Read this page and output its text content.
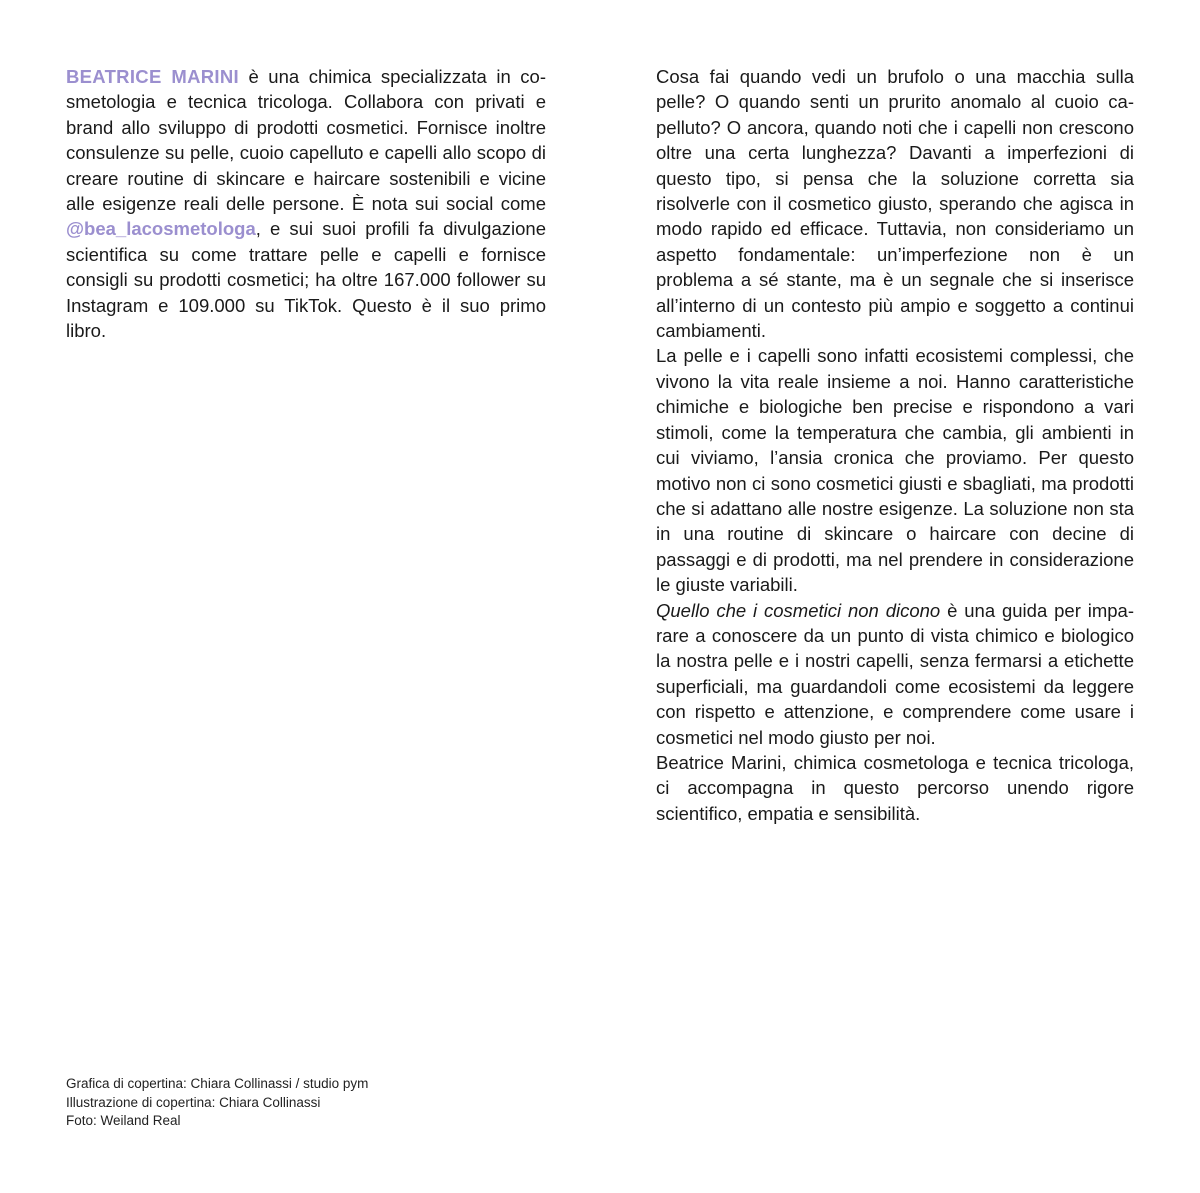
BEATRICE MARINI è una chimica specializzata in cosmetologia e tecnica tricologa. Collabora con privati e brand allo sviluppo di prodotti cosmetici. Fornisce inoltre consulenze su pelle, cuoio capelluto e capelli allo scopo di creare routine di skincare e haircare sostenibili e vicine alle esigenze reali delle persone. È nota sui social come @bea_lacosmetologa, e sui suoi profili fa divulgazione scientifica su come trattare pelle e capelli e fornisce consigli su prodotti cosmetici; ha oltre 167.000 follower su Instagram e 109.000 su TikTok. Questo è il suo primo libro.

Cosa fai quando vedi un brufolo o una macchia sulla pelle? O quando senti un prurito anomalo al cuoio capelluto? O ancora, quando noti che i capelli non crescono oltre una certa lunghezza? Davanti a imperfezioni di questo tipo, si pensa che la soluzione corretta sia risolverle con il cosmetico giusto, sperando che agisca in modo rapido ed efficace. Tuttavia, non consideriamo un aspetto fondamentale: un’imperfezione non è un problema a sé stante, ma è un segnale che si inserisce all’interno di un contesto più ampio e soggetto a continui cambiamenti.

La pelle e i capelli sono infatti ecosistemi complessi, che vivono la vita reale insieme a noi. Hanno caratteristiche chimiche e biologiche ben precise e rispondono a vari stimoli, come la temperatura che cambia, gli ambienti in cui viviamo, l’ansia cronica che proviamo. Per questo motivo non ci sono cosmetici giusti e sbagliati, ma prodotti che si adattano alle nostre esigenze. La soluzione non sta in una routine di skincare o haircare con decine di passaggi e di prodotti, ma nel prendere in considerazione le giuste variabili.

Quello che i cosmetici non dicono è una guida per imparare a conoscere da un punto di vista chimico e biologico la nostra pelle e i nostri capelli, senza fermarsi a etichette superficiali, ma guardandoli come ecosistemi da leggere con rispetto e attenzione, e comprendere come usare i cosmetici nel modo giusto per noi.

Beatrice Marini, chimica cosmetologa e tecnica tricologa, ci accompagna in questo percorso unendo rigore scientifico, empatia e sensibilità.

Grafica di copertina: Chiara Collinassi / studio pym
Illustrazione di copertina: Chiara Collinassi
Foto: Weiland Real
